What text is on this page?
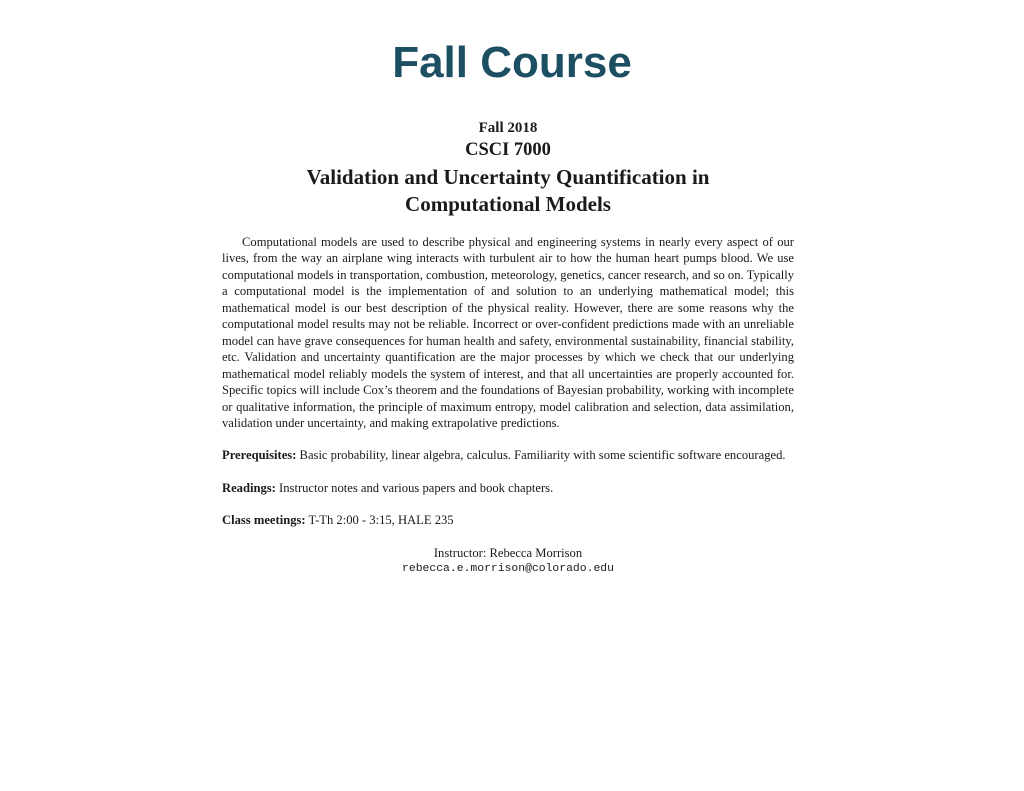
Fall Course
Fall 2018
CSCI 7000
Validation and Uncertainty Quantification in
Computational Models

Computational models are used to describe physical and engineering systems in nearly every aspect of our lives, from the way an airplane wing interacts with turbulent air to how the human heart pumps blood. We use computational models in transportation, combustion, meteorology, genetics, cancer research, and so on. Typically a computational model is the implementation of and solution to an underlying mathematical model; this mathematical model is our best description of the physical reality. However, there are some reasons why the computational model results may not be reliable. Incorrect or over-confident predictions made with an unreliable model can have grave consequences for human health and safety, environmental sustainability, financial stability, etc. Validation and uncertainty quantification are the major processes by which we check that our underlying mathematical model reliably models the system of interest, and that all uncertainties are properly accounted for. Specific topics will include Cox’s theorem and the foundations of Bayesian probability, working with incomplete or qualitative information, the principle of maximum entropy, model calibration and selection, data assimilation, validation under uncertainty, and making extrapolative predictions.

Prerequisites: Basic probability, linear algebra, calculus. Familiarity with some scientific software encouraged.

Readings: Instructor notes and various papers and book chapters.

Class meetings: T-Th 2:00 - 3:15, HALE 235

Instructor: Rebecca Morrison
rebecca.e.morrison@colorado.edu
